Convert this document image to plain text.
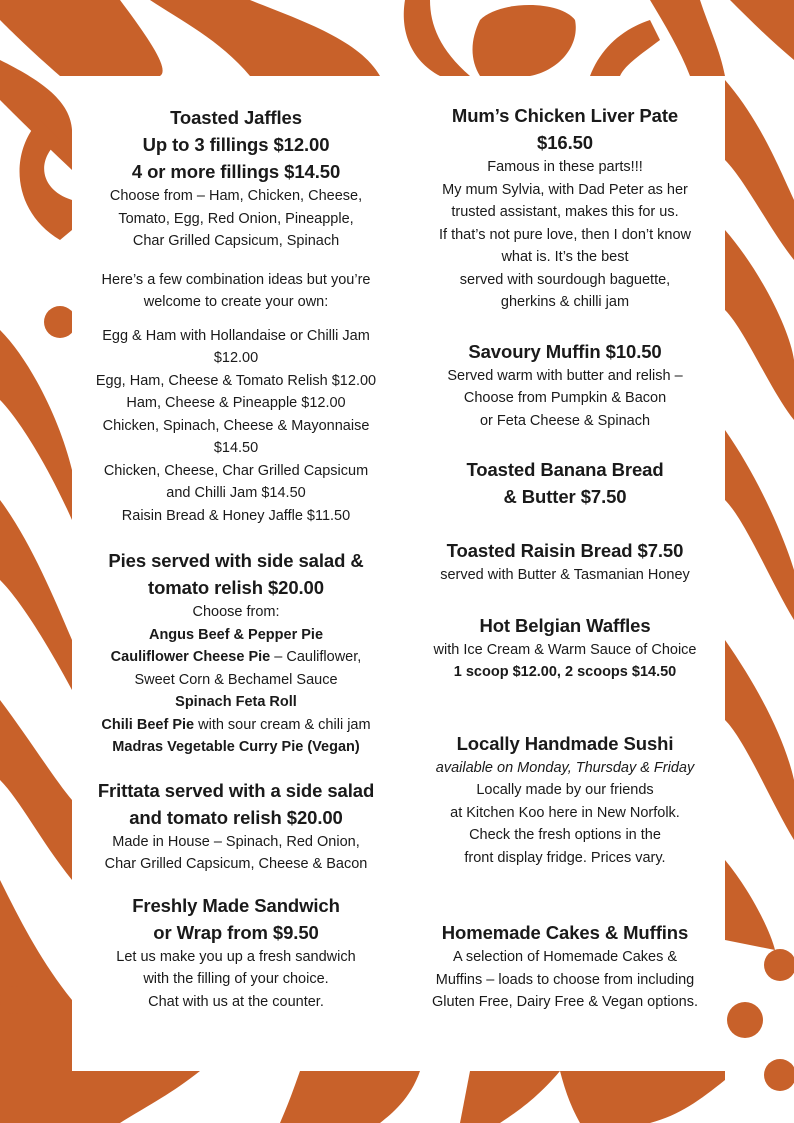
Toasted Jaffles
Up to 3 fillings $12.00
4 or more fillings $14.50

Choose from – Ham, Chicken, Cheese,

Tomato, Egg, Red Onion, Pineapple,

Char Grilled Capsicum, Spinach

Here’s a few combination ideas but you’re

welcome to create your own:

Egg & Ham with Hollandaise or Chilli Jam

$12.00

Egg, Ham, Cheese & Tomato Relish $12.00

Ham, Cheese & Pineapple $12.00

Chicken, Spinach, Cheese & Mayonnaise

$14.50

Chicken, Cheese, Char Grilled Capsicum

and Chilli Jam $14.50

Raisin Bread & Honey Jaffle $11.50

Pies served with side salad &
tomato relish $20.00

Choose from:

Angus Beef & Pepper Pie

Cauliflower Cheese Pie – Cauliflower,

Sweet Corn & Bechamel Sauce

Spinach Feta Roll

Chili Beef Pie with sour cream & chili jam

Madras Vegetable Curry Pie (Vegan)

Frittata served with a side salad
and tomato relish $20.00

Made in House – Spinach, Red Onion,

Char Grilled Capsicum, Cheese & Bacon

Freshly Made Sandwich
or Wrap from $9.50

Let us make you up a fresh sandwich

with the filling of your choice.

Chat with us at the counter.

Mum’s Chicken Liver Pate
$16.50

Famous in these parts!!!

My mum Sylvia, with Dad Peter as her

trusted assistant, makes this for us.

If that’s not pure love, then I don’t know

what is. It’s the best

served with sourdough baguette,

gherkins & chilli jam

Savoury Muffin $10.50

Served warm with butter and relish –

Choose from Pumpkin & Bacon

or Feta Cheese & Spinach

Toasted Banana Bread
& Butter $7.50
Toasted Raisin Bread $7.50

served with Butter & Tasmanian Honey

Hot Belgian Waffles

with Ice Cream & Warm Sauce of Choice

1 scoop $12.00, 2 scoops $14.50

Locally Handmade Sushi

available on Monday, Thursday & Friday

Locally made by our friends

at Kitchen Koo here in New Norfolk.

Check the fresh options in the

front display fridge. Prices vary.

Homemade Cakes & Muffins

A selection of Homemade Cakes &

Muffins – loads to choose from including

Gluten Free, Dairy Free & Vegan options.
